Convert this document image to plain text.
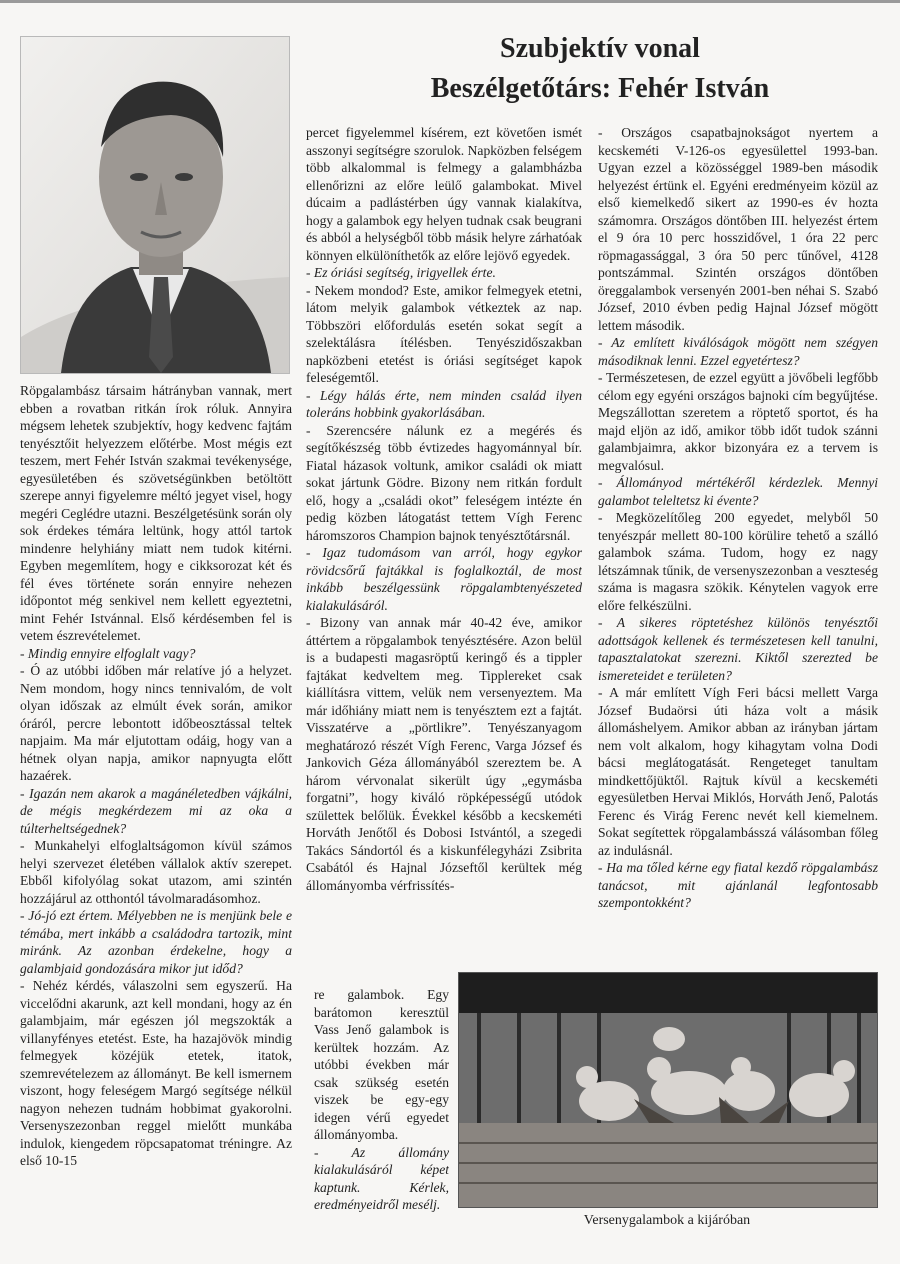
Szubjektív vonal
Beszélgetőtárs: Fehér István

Röpgalambász társaim hátrányban vannak, mert ebben a rovatban ritkán írok róluk. Annyira mégsem lehetek szubjektív, hogy kedvenc fajtám tenyésztőit helyezzem előtérbe. Most mégis ezt teszem, mert Fehér István szakmai tevékenysége, egyesületében és szövetségünkben betöltött szerepe annyi figyelemre méltó jegyet visel, hogy megéri Ceglédre utazni. Beszélgetésünk során oly sok érdekes témára leltünk, hogy attól tartok mindenre helyhiány miatt nem tudok kitérni. Egyben megemlítem, hogy e cikksorozat két és fél éves története során ennyire nehezen időpontot még senkivel nem kellett egyeztetni, mint Fehér Istvánnal. Első kérdésemben fel is vetem észrevételemet.

- Mindig ennyire elfoglalt vagy?

- Ó az utóbbi időben már relatíve jó a helyzet. Nem mondom, hogy nincs tennivalóm, de volt olyan időszak az elmúlt évek során, amikor óráról, percre lebontott időbeosztással teltek napjaim. Ma már eljutottam odáig, hogy van a hétnek olyan napja, amikor napnyugta előtt hazaérek.

- Igazán nem akarok a magánéletedben vájkálni, de mégis megkérdezem mi az oka a túlterheltségednek?

- Munkahelyi elfoglaltságomon kívül számos helyi szervezet életében vállalok aktív szerepet. Ebből kifolyólag sokat utazom, ami szintén hozzájárul az otthontól távolmaradásomhoz.

- Jó-jó ezt értem. Mélyebben ne is menjünk bele e témába, mert inkább a családodra tartozik, mint miránk. Az azonban érdekelne, hogy a galambjaid gondozására mikor jut időd?

- Nehéz kérdés, válaszolni sem egyszerű. Ha viccelődni akarunk, azt kell mondani, hogy az én galambjaim, már egészen jól megszokták a villanyfényes etetést. Este, ha hazajövök mindig felmegyek közéjük etetek, itatok, szemrevételezem az állományt. Be kell ismernem viszont, hogy feleségem Margó segítsége nélkül nagyon nehezen tudnám hobbimat gyakorolni. Versenyszezonban reggel mielőtt munkába indulok, kiengedem röpcsapatomat tréningre. Az első 10-15

percet figyelemmel kísérem, ezt követően ismét asszonyi segítségre szorulok. Napközben felségem több alkalommal is felmegy a galambházba ellenőrizni az előre leülő galambokat. Mivel dúcaim a padlástérben úgy vannak kialakítva, hogy a galambok egy helyen tudnak csak beugrani és abból a helységből több másik helyre zárhatóak könnyen elkülöníthetők az előre lejövő egyedek.

- Ez óriási segítség, irigyellek érte.

- Nekem mondod? Este, amikor felmegyek etetni, látom melyik galambok vétkeztek az nap. Többszöri előfordulás esetén sokat segít a szelektálásra ítélésben. Tenyészidőszakban napközbeni etetést is óriási segítséget kapok feleségemtől.

- Légy hálás érte, nem minden család ilyen toleráns hobbink gyakorlásában.

- Szerencsére nálunk ez a megérés és segítőkészség több évtizedes hagyománnyal bír. Fiatal házasok voltunk, amikor családi ok miatt sokat jártunk Gödre. Bizony nem ritkán fordult elő, hogy a „családi okot” feleségem intézte én pedig közben látogatást tettem Vígh Ferenc háromszoros Champion bajnok tenyésztőtársnál.

- Igaz tudomásom van arról, hogy egykor rövidcsőrű fajtákkal is foglalkoztál, de most inkább beszélgessünk röpgalambtenyészeted kialakulásáról.

- Bizony van annak már 40-42 éve, amikor áttértem a röpgalambok tenyésztésére. Azon belül is a budapesti magasröptű keringő és a tippler fajtákat kedveltem meg. Tipplereket csak kiállításra vittem, velük nem versenyeztem. Ma már időhiány miatt nem is tenyésztem ezt a fajtát. Visszatérve a „pörtlikre”. Tenyészanyagom meghatározó részét Vígh Ferenc, Varga József és Jankovich Géza állományából szereztem be. A három vérvonalat sikerült úgy „egymásba forgatni”, hogy kiváló röpképességű utódok születtek belőlük. Évekkel később a kecskeméti Horváth Jenőtől és Dobosi Istvántól, a szegedi Takács Sándortól és a kiskunfélegyházi Zsibrita Csabától és Hajnal Józseftől kerültek még állományomba vérfrissítés-

re galambok. Egy barátomon keresztül Vass Jenő galambok is kerültek hozzám. Az utóbbi években már csak szükség esetén viszek be egy-egy idegen vérű egyedet állományomba.

- Az állomány kialakulásáról képet kaptunk. Kérlek, eredményeidről mesélj.

- Országos csapatbajnokságot nyertem a kecskeméti V-126-os egyesülettel 1993-ban. Ugyan ezzel a közösséggel 1989-ben második helyezést értünk el. Egyéni eredményeim közül az első kiemelkedő sikert az 1990-es év hozta számomra. Országos döntőben III. helyezést értem el 9 óra 10 perc hosszidővel, 1 óra 22 perc röpmagassággal, 3 óra 50 perc tűnővel, 4128 pontszámmal. Szintén országos döntőben öreggalambok versenyén 2001-ben néhai S. Szabó József, 2010 évben pedig Hajnal József mögött lettem második.

- Az említett kiválóságok mögött nem szégyen másodiknak lenni. Ezzel egyetértesz?

- Természetesen, de ezzel együtt a jövőbeli legfőbb célom egy egyéni országos bajnoki cím begyűjtése. Megszállottan szeretem a röptető sportot, és ha majd eljön az idő, amikor több időt tudok szánni galambjaimra, akkor bizonyára ez a tervem is megvalósul.

- Állományod mértékéről kérdezlek. Mennyi galambot teleltetsz ki évente?

- Megközelítőleg 200 egyedet, melyből 50 tenyészpár mellett 80-100 körülire tehető a szálló galambok száma. Tudom, hogy ez nagy létszámnak tűnik, de versenyszezonban a veszteség száma is magasra szökik. Kénytelen vagyok erre előre felkészülni.

- A sikeres röptetéshez különös tenyésztői adottságok kellenek és természetesen kell tanulni, tapasztalatokat szerezni. Kiktől szerezted be ismereteidet e területen?

- A már említett Vígh Feri bácsi mellett Varga József Budaörsi úti háza volt a másik állomáshelyem. Amikor abban az irányban jártam nem volt alkalom, hogy kihagytam volna Dodi bácsi meglátogatását. Rengeteget tanultam mindkettőjüktől. Rajtuk kívül a kecskeméti egyesületben Hervai Miklós, Horváth Jenő, Palotás Ferenc és Virág Ferenc nevét kell kiemelnem. Sokat segítettek röpgalambásszá válásomban főleg az indulásnál.

- Ha ma tőled kérne egy fiatal kezdő röpgalambász tanácsot, mit ajánlanál legfontosabb szempontokként?

Versenygalambok a kijáróban
